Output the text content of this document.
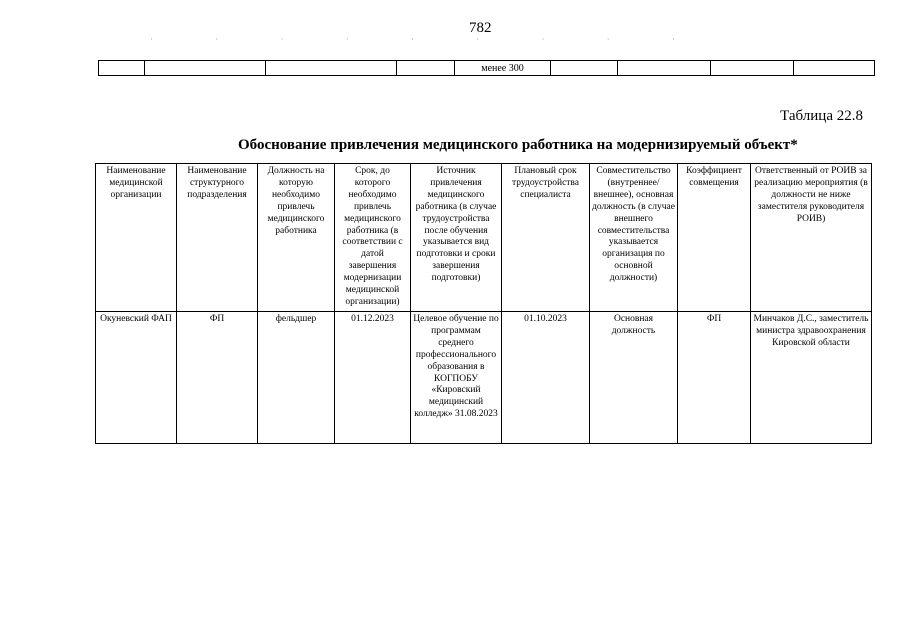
782
· · · · · · · · ·
				менее 300				
Таблица 22.8
Обоснование привлечения медицинского работника на модернизируемый объект*
Наименование медицинской организации	Наименование структурного подразделения	Должность на которую необходимо привлечь медицинского работника	Срок, до которого необходимо привлечь медицинского работника (в соответствии с датой завершения модернизации медицинской организации)	Источник привлечения медицинского работника (в случае трудоустройства после обучения указывается вид подготовки и сроки завершения подготовки)	Плановый срок трудоустройства специалиста	Совместительство (внутреннее/внешнее), основная должность (в случае внешнего совместительства указывается организация по основной должности)	Коэффициент совмещения	Ответственный от РОИВ за реализацию мероприятия (в должности не ниже заместителя руководителя РОИВ)
Окуневский ФАП	ФП	фельдшер	01.12.2023	Целевое обучение по программам среднего профессионального образования в КОГПОБУ «Кировский медицинский колледж» 31.08.2023	01.10.2023	Основная должность	ФП	Минчаков Д.С., заместитель министра здравоохранения Кировской области
